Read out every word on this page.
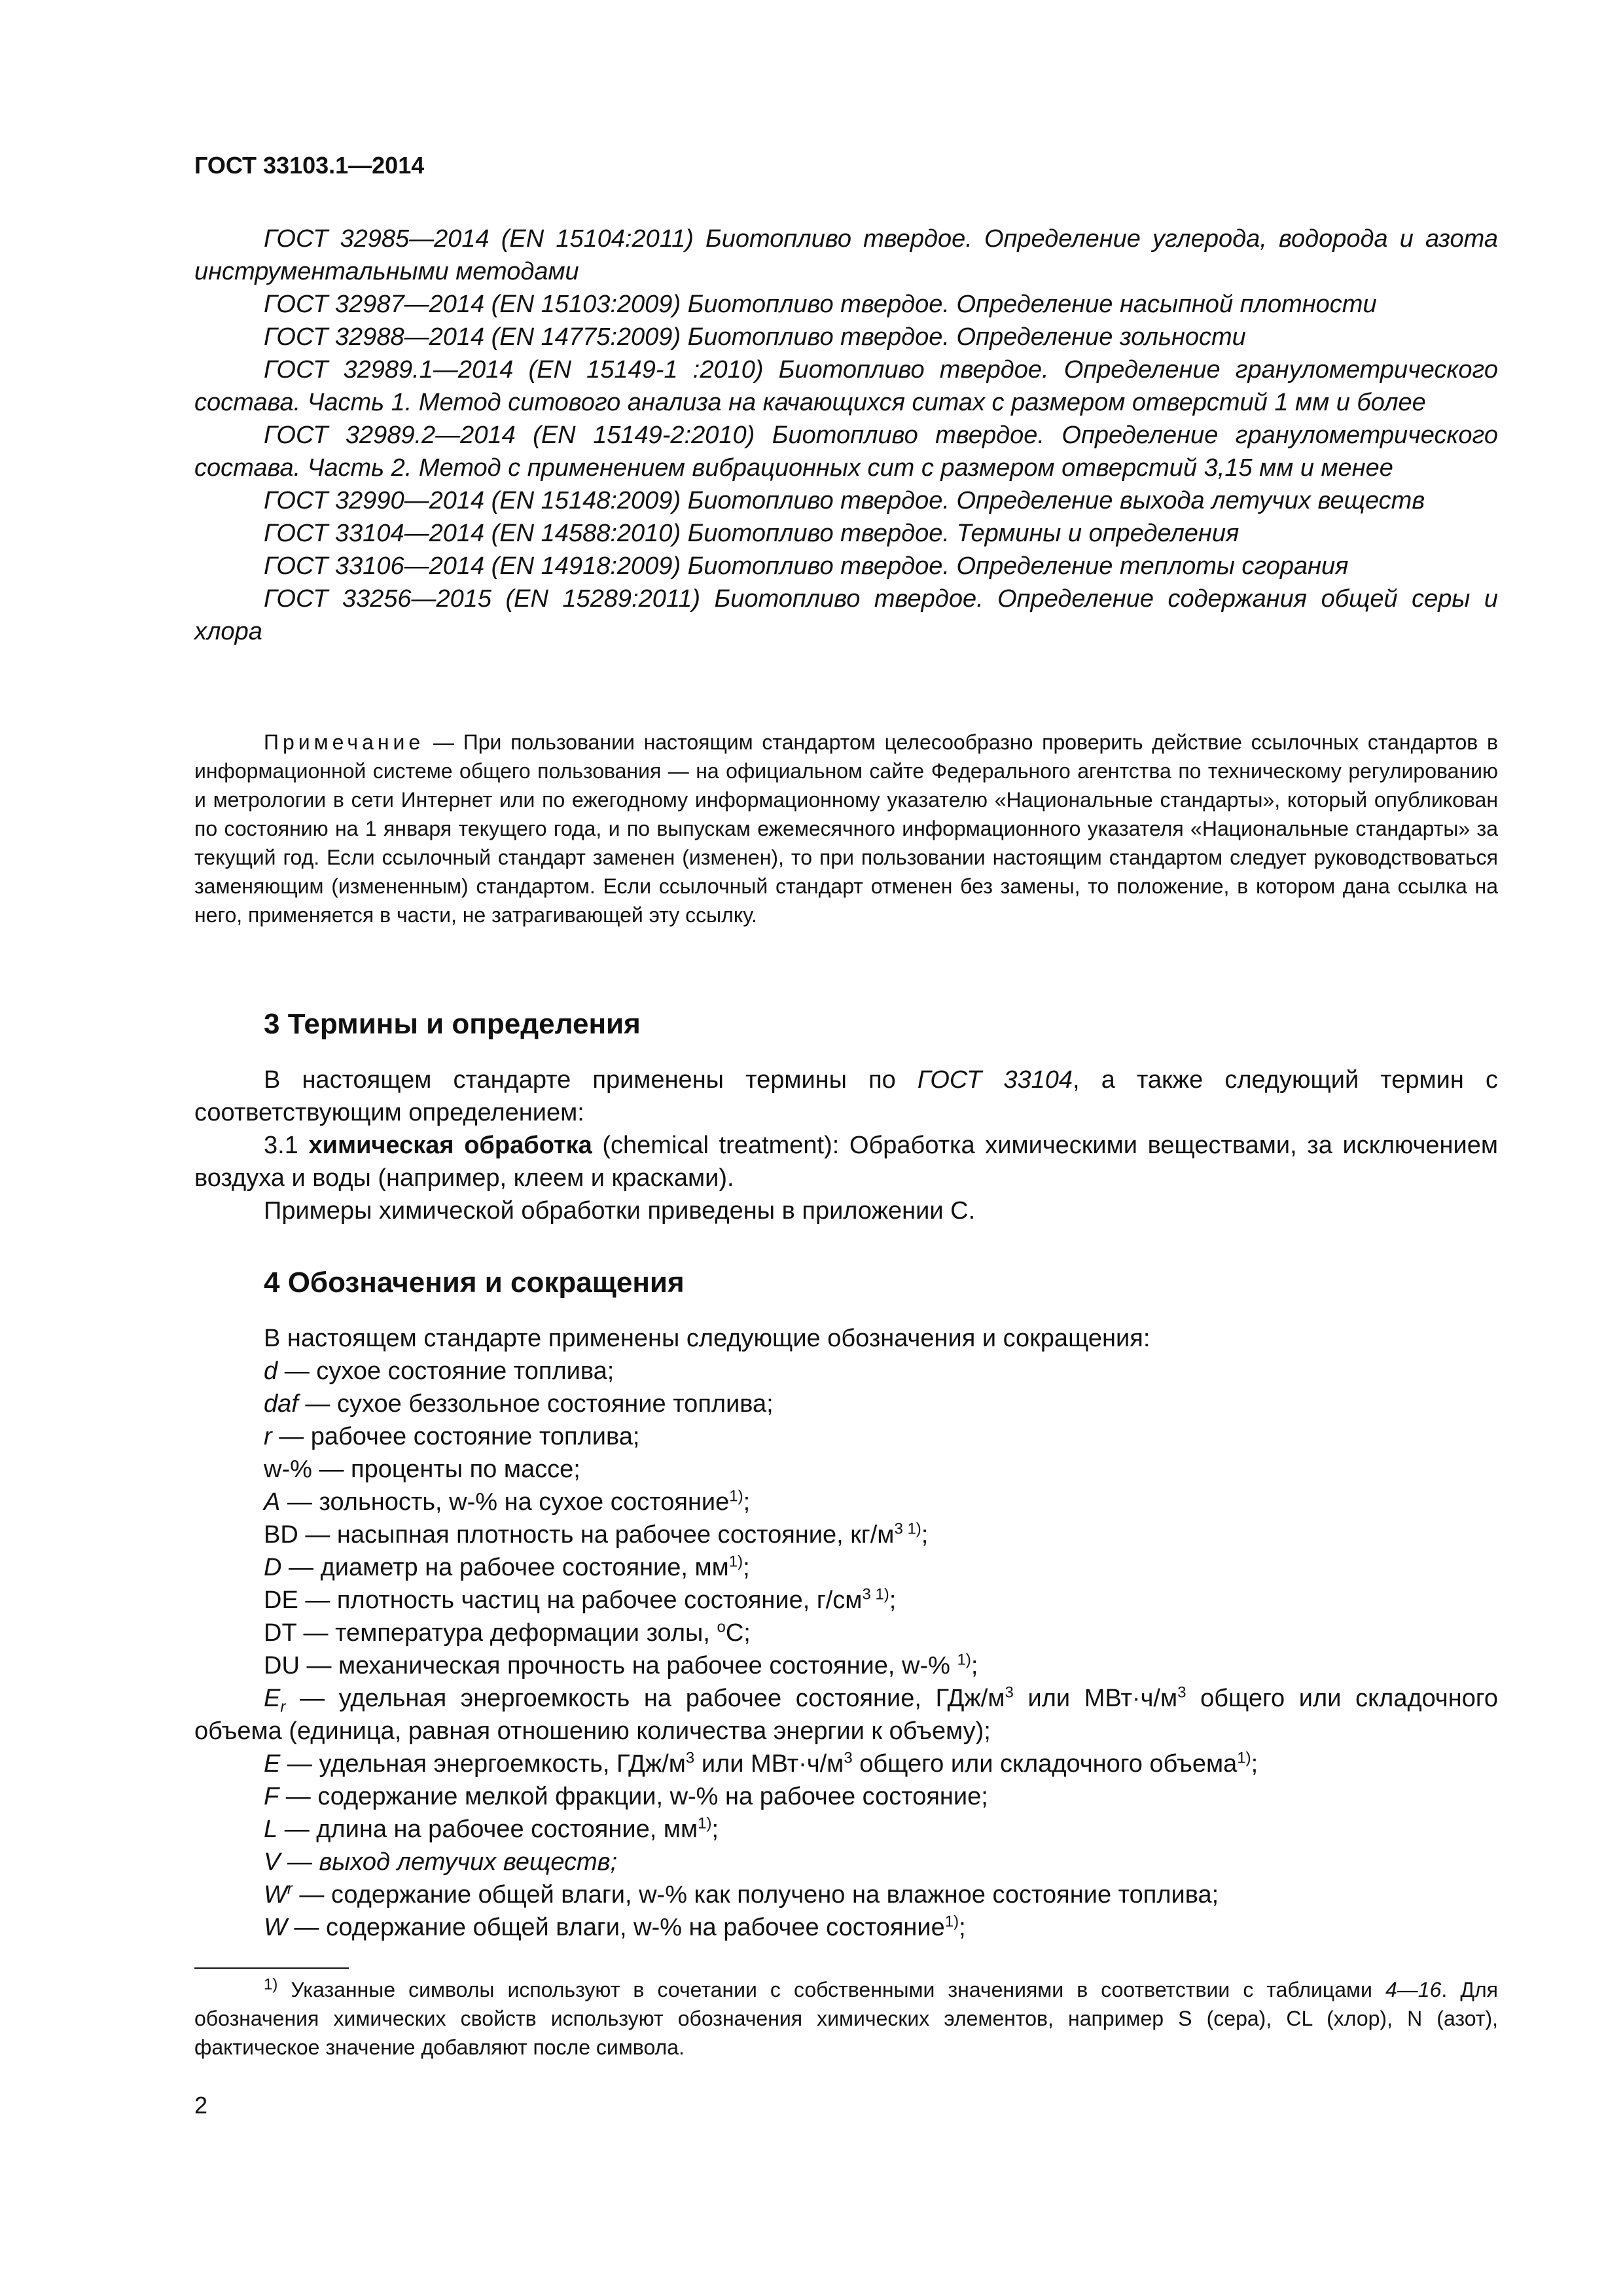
ГОСТ 33103.1—2014

ГОСТ 32985—2014 (EN 15104:2011) Биотопливо твердое. Определение углерода, водорода и азота инструментальными методами

ГОСТ 32987—2014 (EN 15103:2009) Биотопливо твердое. Определение насыпной плотности

ГОСТ 32988—2014 (EN 14775:2009) Биотопливо твердое. Определение зольности

ГОСТ 32989.1—2014 (EN 15149-1 :2010) Биотопливо твердое. Определение гранулометрического состава. Часть 1. Метод ситового анализа на качающихся ситах с размером отверстий 1 мм и более

ГОСТ 32989.2—2014 (EN 15149-2:2010) Биотопливо твердое. Определение гранулометрического состава. Часть 2. Метод с применением вибрационных сит с размером отверстий 3,15 мм и менее

ГОСТ 32990—2014 (EN 15148:2009) Биотопливо твердое. Определение выхода летучих веществ

ГОСТ 33104—2014 (EN 14588:2010) Биотопливо твердое. Термины и определения

ГОСТ 33106—2014 (EN 14918:2009) Биотопливо твердое. Определение теплоты сгорания

ГОСТ 33256—2015 (EN 15289:2011) Биотопливо твердое. Определение содержания общей серы и хлора

Примечание — При пользовании настоящим стандартом целесообразно проверить действие ссылочных стандартов в информационной системе общего пользования — на официальном сайте Федерального агентства по техническому регулированию и метрологии в сети Интернет или по ежегодному информационному указателю «Национальные стандарты», который опубликован по состоянию на 1 января текущего года, и по выпускам ежемесячного информационного указателя «Национальные стандарты» за текущий год. Если ссылочный стандарт заменен (изменен), то при пользовании настоящим стандартом следует руководствоваться заменяющим (измененным) стандартом. Если ссылочный стандарт отменен без замены, то положение, в котором дана ссылка на него, применяется в части, не затрагивающей эту ссылку.

3 Термины и определения

В настоящем стандарте применены термины по ГОСТ 33104, а также следующий термин с соответствующим определением:

3.1 химическая обработка (chemical treatment): Обработка химическими веществами, за исключением воздуха и воды (например, клеем и красками).

Примеры химической обработки приведены в приложении С.

4 Обозначения и сокращения

В настоящем стандарте применены следующие обозначения и сокращения:

d — сухое состояние топлива;

daf — сухое беззольное состояние топлива;

r — рабочее состояние топлива;

w-% — проценты по массе;

A — зольность, w-% на сухое состояние$^{1)}$;

BD — насыпная плотность на рабочее состояние, $кг/м^{3 1)}$;

D — диаметр на рабочее состояние, $мм^{1)}$;

DE — плотность частиц на рабочее состояние, $г/см^{3 1)}$;

DT — температура деформации золы, $^о$С;

DU — механическая прочность на рабочее состояние, w-% $^{1)}$;

$E_r$ — удельная энергоемкость на рабочее состояние, ГДж/$м^3$ или $МВт\cdot ч/м^3$ общего или складочного объема (единица, равная отношению количества энергии к объему);

E — удельная энергоемкость, ГДж/$м^3$ или $МВт\cdot ч/м^3$ общего или складочного объема$^{1)}$;

F — содержание мелкой фракции, w-% на рабочее состояние;

L — длина на рабочее состояние, $мм^{1)}$;

V — выход летучих веществ;

$W^r$ — содержание общей влаги, w-% как получено на влажное состояние топлива;

W — содержание общей влаги, w-% на рабочее состояние$^{1)}$;

$^{1)}$ Указанные символы используют в сочетании с собственными значениями в соответствии с таблицами 4—16. Для обозначения химических свойств используют обозначения химических элементов, например S (сера), CL (хлор), N (азот), фактическое значение добавляют после символа.

2
